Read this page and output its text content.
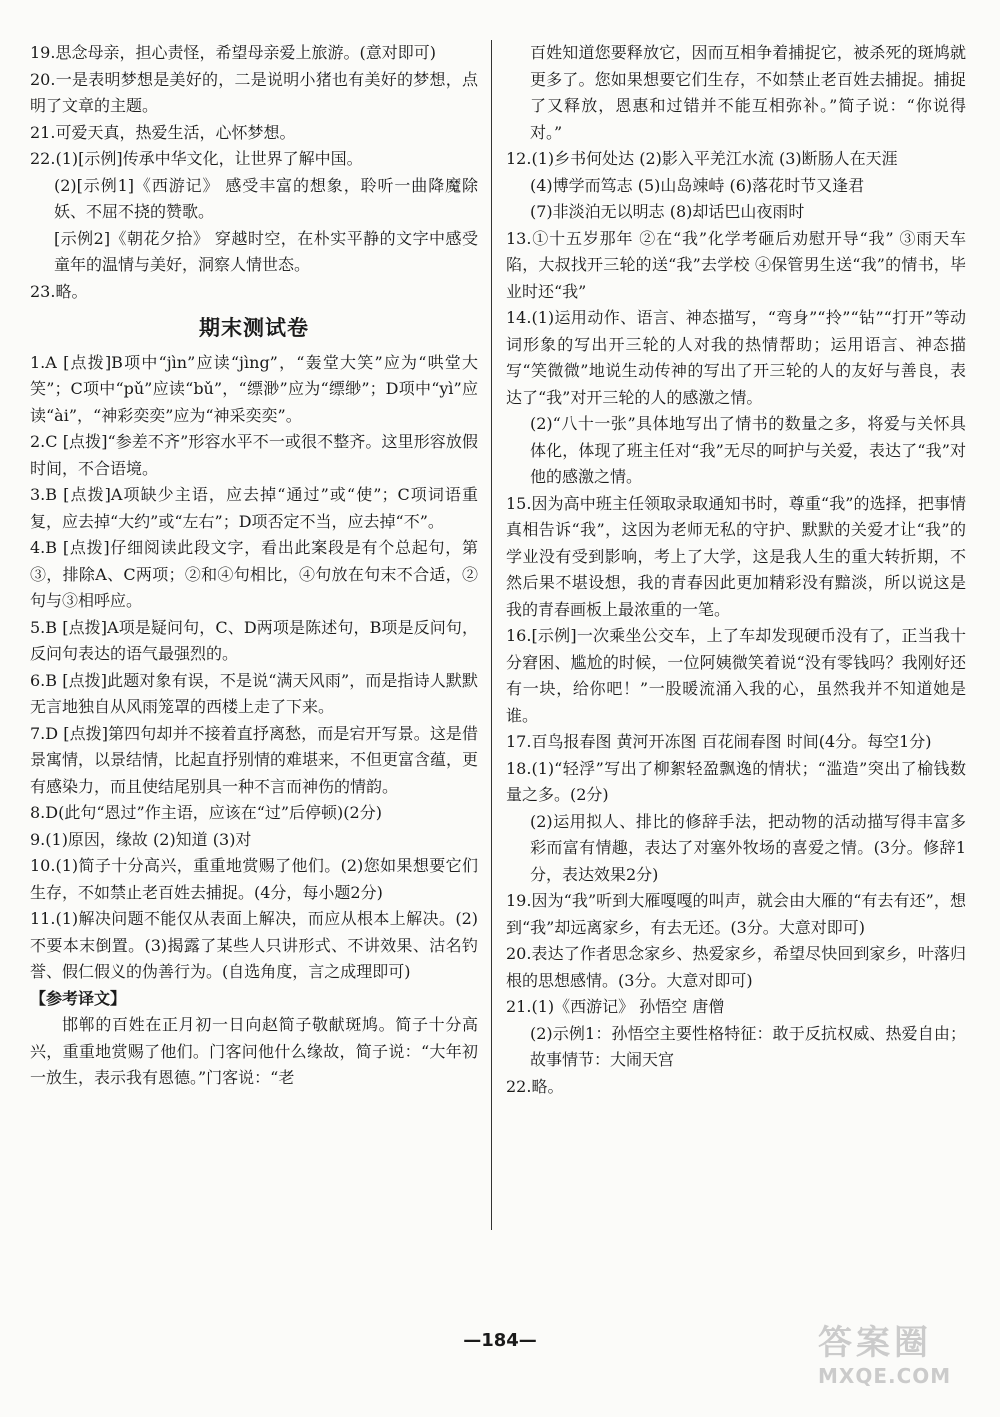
19.思念母亲，担心责怪，希望母亲爱上旅游。(意对即可)

20.一是表明梦想是美好的，二是说明小猪也有美好的梦想，点明了文章的主题。

21.可爱天真，热爱生活，心怀梦想。

22.(1)[示例]传承中华文化，让世界了解中国。

(2)[示例1]《西游记》 感受丰富的想象，聆听一曲降魔除妖、不屈不挠的赞歌。

[示例2]《朝花夕拾》 穿越时空，在朴实平静的文字中感受童年的温情与美好，洞察人情世态。

23.略。

期末测试卷

1.A [点拨]B项中“jìn”应读“jìng”，“轰堂大笑”应为“哄堂大笑”；C项中“pǔ”应读“bǔ”，“缥渺”应为“缥缈”；D项中“yì”应读“ài”，“神彩奕奕”应为“神采奕奕”。

2.C [点拨]“参差不齐”形容水平不一或很不整齐。这里形容放假时间，不合语境。

3.B [点拨]A项缺少主语，应去掉“通过”或“使”；C项词语重复，应去掉“大约”或“左右”；D项否定不当，应去掉“不”。

4.B [点拨]仔细阅读此段文字，看出此案段是有个总起句，第③，排除A、C两项；②和④句相比，④句放在句末不合适，②句与③相呼应。

5.B [点拨]A项是疑问句，C、D两项是陈述句，B项是反问句，反问句表达的语气最强烈的。

6.B [点拨]此题对象有误，不是说“满天风雨”，而是指诗人默默无言地独自从风雨笼罩的西楼上走了下来。

7.D [点拨]第四句却并不接着直抒离愁，而是宕开写景。这是借景寓情，以景结情，比起直抒别情的难堪来，不但更富含蕴，更有感染力，而且使结尾别具一种不言而神伤的情韵。

8.D(此句“恩过”作主语，应该在“过”后停顿)(2分)

9.(1)原因，缘故 (2)知道 (3)对

10.(1)简子十分高兴，重重地赏赐了他们。(2)您如果想要它们生存，不如禁止老百姓去捕捉。(4分，每小题2分)

11.(1)解决问题不能仅从表面上解决，而应从根本上解决。(2)不要本末倒置。(3)揭露了某些人只讲形式、不讲效果、沽名钓誉、假仁假义的伪善行为。(自选角度，言之成理即可)

【参考译文】

邯郸的百姓在正月初一日向赵简子敬献斑鸠。简子十分高兴，重重地赏赐了他们。门客问他什么缘故，简子说：“大年初一放生，表示我有恩德。”门客说：“老

百姓知道您要释放它，因而互相争着捕捉它，被杀死的斑鸠就更多了。您如果想要它们生存，不如禁止老百姓去捕捉。捕捉了又释放，恩惠和过错并不能互相弥补。”简子说：“你说得对。”

12.(1)乡书何处达 (2)影入平羌江水流 (3)断肠人在天涯

(4)博学而笃志 (5)山岛竦峙 (6)落花时节又逢君

(7)非淡泊无以明志 (8)却话巴山夜雨时

13.①十五岁那年 ②在“我”化学考砸后劝慰开导“我” ③雨天车陷，大叔找开三轮的送“我”去学校 ④保管男生送“我”的情书，毕业时还“我”

14.(1)运用动作、语言、神态描写，“弯身”“拎”“钻”“打开”等动词形象的写出开三轮的人对我的热情帮助；运用语言、神态描写“笑微微”地说生动传神的写出了开三轮的人的友好与善良，表达了“我”对开三轮的人的感激之情。

(2)“八十一张”具体地写出了情书的数量之多，将爱与关怀具体化，体现了班主任对“我”无尽的呵护与关爱，表达了“我”对他的感激之情。

15.因为高中班主任领取录取通知书时，尊重“我”的选择，把事情真相告诉“我”，这因为老师无私的守护、默默的关爱才让“我”的学业没有受到影响，考上了大学，这是我人生的重大转折期，不然后果不堪设想，我的青春因此更加精彩没有黯淡，所以说这是我的青春画板上最浓重的一笔。

16.[示例]一次乘坐公交车，上了车却发现硬币没有了，正当我十分窘困、尴尬的时候，一位阿姨微笑着说“没有零钱吗？我刚好还有一块，给你吧！”一股暖流涌入我的心，虽然我并不知道她是谁。

17.百鸟报春图 黄河开冻图 百花闹春图 时间(4分。每空1分)

18.(1)“轻浮”写出了柳絮轻盈飘逸的情状；“滥造”突出了榆钱数量之多。(2分)

(2)运用拟人、排比的修辞手法，把动物的活动描写得丰富多彩而富有情趣，表达了对塞外牧场的喜爱之情。(3分。修辞1分，表达效果2分)

19.因为“我”听到大雁嘎嘎的叫声，就会由大雁的“有去有还”，想到“我”却远离家乡，有去无还。(3分。大意对即可)

20.表达了作者思念家乡、热爱家乡，希望尽快回到家乡，叶落归根的思想感情。(3分。大意对即可)

21.(1)《西游记》 孙悟空 唐僧

(2)示例1：孙悟空主要性格特征：敢于反抗权威、热爱自由；故事情节：大闹天宫

22.略。

—184—	答案圈
MXQE.COM
